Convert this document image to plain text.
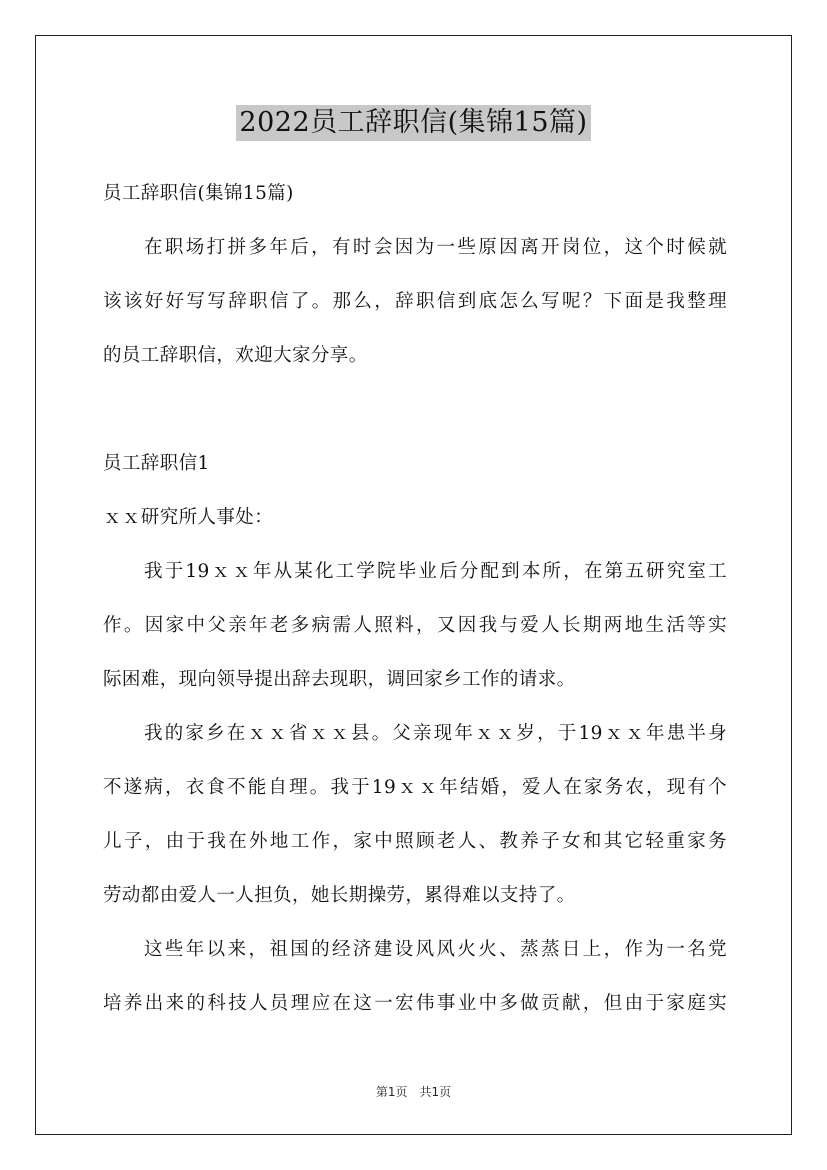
2022员工辞职信(集锦15篇)
员工辞职信(集锦15篇)
在职场打拼多年后，有时会因为一些原因离开岗位，这个时候就
该该好好写写辞职信了。那么，辞职信到底怎么写呢？下面是我整理
的员工辞职信，欢迎大家分享。
员工辞职信1
ｘｘ研究所人事处：
我于19ｘｘ年从某化工学院毕业后分配到本所，在第五研究室工
作。因家中父亲年老多病需人照料，又因我与爱人长期两地生活等实
际困难，现向领导提出辞去现职，调回家乡工作的请求。
我的家乡在ｘｘ省ｘｘ县。父亲现年ｘｘ岁，于19ｘｘ年患半身
不遂病，衣食不能自理。我于19ｘｘ年结婚，爱人在家务农，现有个
儿子，由于我在外地工作，家中照顾老人、教养子女和其它轻重家务
劳动都由爱人一人担负，她长期操劳，累得难以支持了。
这些年以来，祖国的经济建设风风火火、蒸蒸日上，作为一名党
培养出来的科技人员理应在这一宏伟事业中多做贡献，但由于家庭实
第1页　共1页
